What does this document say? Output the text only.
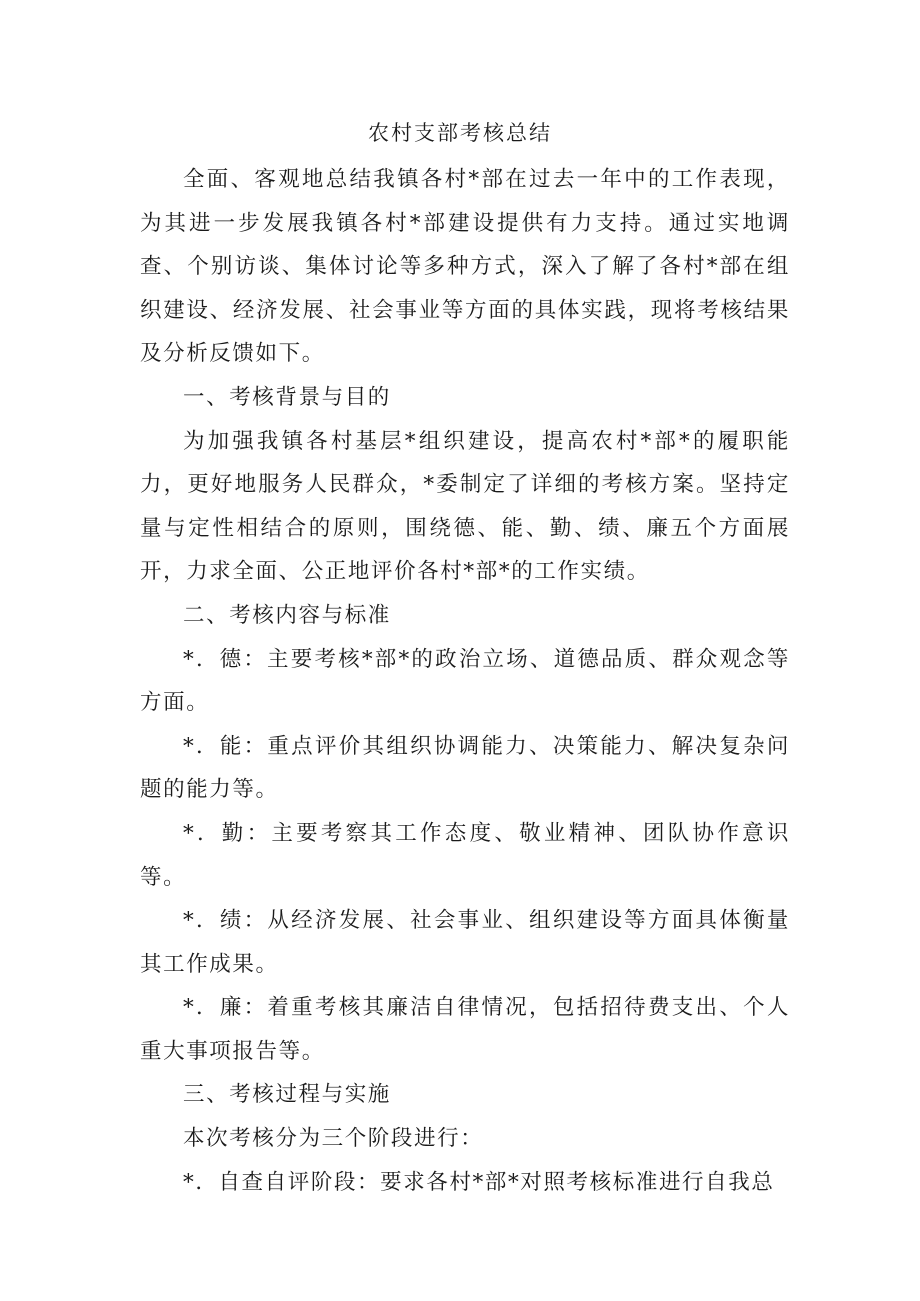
农村支部考核总结

全面、客观地总结我镇各村*部在过去一年中的工作表现，为其进一步发展我镇各村*部建设提供有力支持。通过实地调查、个别访谈、集体讨论等多种方式，深入了解了各村*部在组织建设、经济发展、社会事业等方面的具体实践，现将考核结果及分析反馈如下。

一、考核背景与目的

为加强我镇各村基层*组织建设，提高农村*部*的履职能力，更好地服务人民群众，*委制定了详细的考核方案。坚持定量与定性相结合的原则，围绕德、能、勤、绩、廉五个方面展开，力求全面、公正地评价各村*部*的工作实绩。

二、考核内容与标准

*．德：主要考核*部*的政治立场、道德品质、群众观念等方面。

*．能：重点评价其组织协调能力、决策能力、解决复杂问题的能力等。

*．勤：主要考察其工作态度、敬业精神、团队协作意识等。

*．绩：从经济发展、社会事业、组织建设等方面具体衡量其工作成果。

*．廉：着重考核其廉洁自律情况，包括招待费支出、个人重大事项报告等。

三、考核过程与实施

本次考核分为三个阶段进行：

*．自查自评阶段：要求各村*部*对照考核标准进行自我总
